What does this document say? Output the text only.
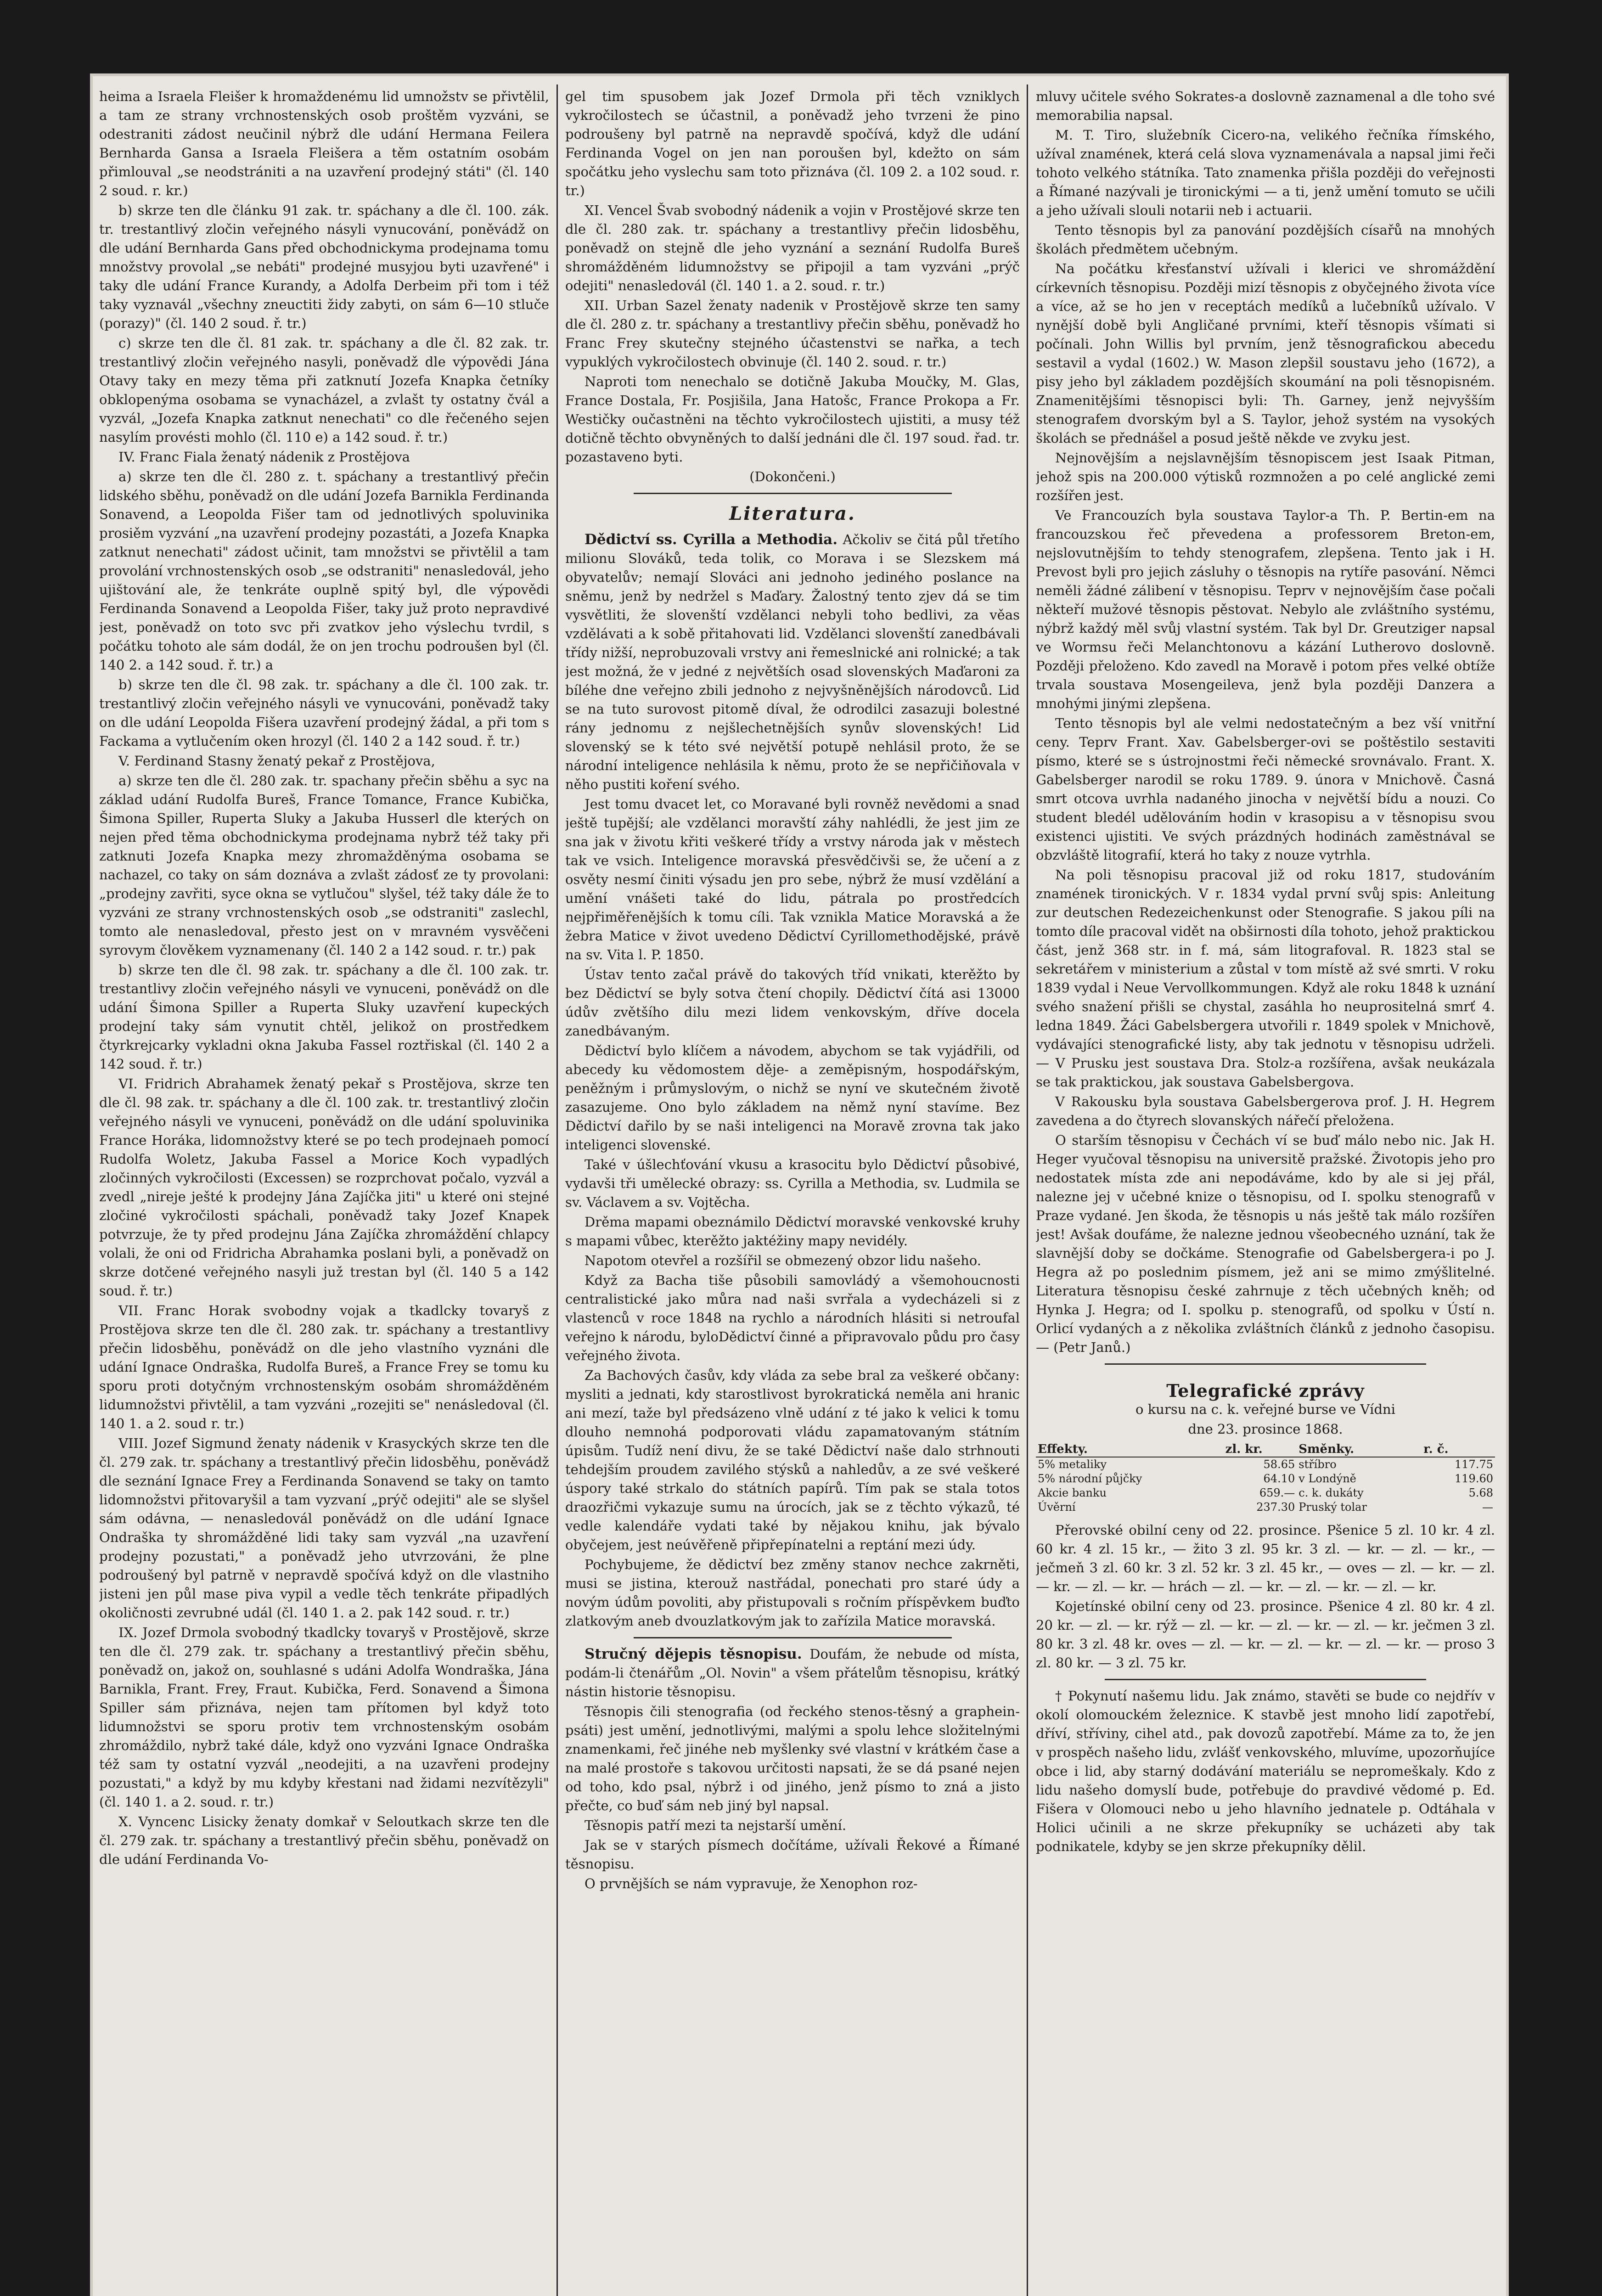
heima a Israela Fleišer k hromaždenému lid umnožstv se přivtělil, a tam ze strany vrchnostenských osob proštěm vyzváni, se odestraniti zádost neučinil nýbrž dle udání Hermana Feilera Bernharda Gansa a Israela Fleišera a těm ostatním osobám přimlouval „se neodstrániti a na uzavření prodejný státi" (čl. 140 2 soud. r. kr.)

b) skrze ten dle článku 91 zak. tr. spáchany a dle čl. 100. zák. tr. trestantlivý zločin veřejného násyli vynucování, poněvádž on dle udání Bernharda Gans před obchodnickyma prodejnama tomu množstvy provolal „se nebáti" prodejné musyjou byti uzavřené" i taky dle udání France Kurandy, a Adolfa Derbeim při tom i též taky vyznavál „všechny zneuctiti židy zabyti, on sám 6—10 stluče (porazy)" (čl. 140 2 soud. ř. tr.)

c) skrze ten dle čl. 81 zak. tr. spáchany a dle čl. 82 zak. tr. trestantlivý zločin veřejného nasyli, poněvadž dle výpovědi Jána Otavy taky en mezy těma při zatknutí Jozefa Knapka četníky obklopenýma osobama se vynacházel, a zvlašt ty ostatny čvál a vyzvál, „Jozefa Knapka zatknut nenechati" co dle řečeného sejen nasylím provésti mohlo (čl. 110 e) a 142 soud. ř. tr.)

IV. Franc Fiala ženatý nádenik z Prostějova

a) skrze ten dle čl. 280 z. t. spáchany a trestantlivý přečin lidského sběhu, poněvadž on dle udání Jozefa Barnikla Ferdinanda Sonavend, a Leopolda Fišer tam od jednotlivých spoluvinika prosiěm vyzvání „na uzavření prodejny pozastáti, a Jozefa Knapka zatknut nenechati" zádost učinit, tam množstvi se přivtělil a tam provolání vrchnostenských osob „se odstraniti" nenasledovál, jeho ujištování ale, že tenkráte ouplně spitý byl, dle výpovědi Ferdinanda Sonavend a Leopolda Fišer, taky juž proto nepravdivé jest, poněvadž on toto svc při zvatkov jeho výslechu tvrdil, s počátku tohoto ale sám dodál, že on jen trochu podroušen byl (čl. 140 2. a 142 soud. ř. tr.) a

b) skrze ten dle čl. 98 zak. tr. spáchany a dle čl. 100 zak. tr. trestantlivý zločin veřejného násyli ve vynucováni, poněvadž taky on dle udání Leopolda Fišera uzavření prodejný žádal, a při tom s Fackama a vytlučením oken hrozyl (čl. 140 2 a 142 soud. ř. tr.)

V. Ferdinand Stasny ženatý pekař z Prostějova,

a) skrze ten dle čl. 280 zak. tr. spachany přečin sběhu a syc na základ udání Rudolfa Bureš, France Tomance, France Kubička, Šimona Spiller, Ruperta Sluky a Jakuba Husserl dle kterých on nejen před těma obchodnickyma prodejnama nybrž též taky při zatknuti Jozefa Knapka mezy zhromažděnýma osobama se nachazel, co taky on sám doznáva a zvlašt zádosť ze ty provolani: „prodejny zavřiti, syce okna se vytlučou" slyšel, též taky dále že to vyzváni ze strany vrchnostenských osob „se odstraniti" zaslechl, tomto ale nenasledoval, přesto jest on v mravném vysvěčeni syrovym člověkem vyznamenany (čl. 140 2 a 142 soud. r. tr.) pak

b) skrze ten dle čl. 98 zak. tr. spáchany a dle čl. 100 zak. tr. trestantlivy zločin veřejného násyli ve vynuceni, poněvádž on dle udání Šimona Spiller a Ruperta Sluky uzavření kupeckých prodejní taky sám vynutit chtěl, jelikož on prostředkem čtyrkrejcarky vykladni okna Jakuba Fassel roztřiskal (čl. 140 2 a 142 soud. ř. tr.)

VI. Fridrich Abrahamek ženatý pekař s Prostějova, skrze ten dle čl. 98 zak. tr. spáchany a dle čl. 100 zak. tr. trestantlivý zločin veřejného násyli ve vynuceni, poněvádž on dle udání spoluvinika France Horáka, lidomnožstvy které se po tech prodejnaeh pomocí Rudolfa Woletz, Jakuba Fassel a Morice Koch vypadlých zločinných vykročilosti (Excessen) se rozprchovat počalo, vyzvál a zvedl „nireje ješté k prodejny Jána Zajíčka jiti" u které oni stejné zločiné vykročilosti spáchali, poněvadž taky Jozef Knapek potvrzuje, že ty před prodejnu Jána Zajíčka zhromáždění chlapcy volali, že oni od Fridricha Abrahamka poslani byli, a poněvadž on skrze dotčené veřejného nasyli juž trestan byl (čl. 140 5 a 142 soud. ř. tr.)

VII. Franc Horak svobodny vojak a tkadlcky tovaryš z Prostějova skrze ten dle čl. 280 zak. tr. spáchany a trestantlivy přečin lidosběhu, poněvádž on dle jeho vlastního vyznáni dle udání Ignace Ondraška, Rudolfa Bureš, a France Frey se tomu ku sporu proti dotyčným vrchnostenským osobám shromážděném lidumnožstvi přivtělil, a tam vyzváni „rozejiti se" nenásledoval (čl. 140 1. a 2. soud r. tr.)

VIII. Jozef Sigmund ženaty nádenik v Krasyckých skrze ten dle čl. 279 zak. tr. spáchany a trestantlivý přečin lidosběhu, poněvádž dle seznání Ignace Frey a Ferdinanda Sonavend se taky on tamto lidomnožstvi přitovaryšil a tam vyzvaní „prýč odejiti" ale se slyšel sám odávna, — nenasledovál poněvádž on dle udání Ignace Ondraška ty shromážděné lidi taky sam vyzvál „na uzavření prodejny pozustati," a poněvadž jeho utvrzováni, že plne podroušený byl patrně v nepravdě spočívá když on dle vlastniho jisteni jen půl mase piva vypil a vedle těch tenkráte připadlých okoličnosti zevrubné udál (čl. 140 1. a 2. pak 142 soud. r. tr.)

IX. Jozef Drmola svobodný tkadlcky tovaryš v Prostějově, skrze ten dle čl. 279 zak. tr. spáchany a trestantlivý přečin sběhu, poněvadž on, jakož on, souhlasné s udáni Adolfa Wondraška, Jána Barnikla, Frant. Frey, Fraut. Kubička, Ferd. Sonavend a Šimona Spiller sám přiznáva, nejen tam přítomen byl když toto lidumnožstvi se sporu protiv tem vrchnostenským osobám zhromáždilo, nybrž také dále, když ono vyzváni Ignace Ondraška též sam ty ostatní vyzvál „neodejiti, a na uzavřeni prodejny pozustati," a když by mu kdyby křestani nad židami nezvítězyli" (čl. 140 1. a 2. soud. r. tr.)

X. Vyncenc Lisicky ženaty domkař v Seloutkach skrze ten dle čl. 279 zak. tr. spáchany a trestantlivý přečin sběhu, poněvadž on dle udání Ferdinanda Vo-

gel tim spusobem jak Jozef Drmola při těch vzniklych vykročilostech se účastnil, a poněvadž jeho tvrzeni že pino podroušeny byl patrně na nepravdě spočívá, když dle udání Ferdinanda Vogel on jen nan poroušen byl, kdežto on sám spočátku jeho vyslechu sam toto přiznáva (čl. 109 2. a 102 soud. r. tr.)

XI. Vencel Švab svobodný nádenik a vojin v Prostějové skrze ten dle čl. 280 zak. tr. spáchany a trestantlivy přečin lidosběhu, poněvadž on stejně dle jeho vyznání a seznání Rudolfa Bureš shromážděném lidumnožstvy se připojil a tam vyzváni „prýč odejiti" nenasledovál (čl. 140 1. a 2. soud. r. tr.)

XII. Urban Sazel ženaty nadenik v Prostějově skrze ten samy dle čl. 280 z. tr. spáchany a trestantlivy přečin sběhu, poněvadž ho Franc Frey skutečny stejného účastenstvi se nařka, a tech vypuklých vykročilostech obvinuje (čl. 140 2. soud. r. tr.)

Naproti tom nenechalo se dotičně Jakuba Moučky, M. Glas, France Dostala, Fr. Posjišila, Jana Hatošc, France Prokopa a Fr. Westičky oučastněni na těchto vykročilostech ujistiti, a musy též dotičně těchto obvyněných to další jednáni dle čl. 197 soud. řad. tr. pozastaveno byti.

(Dokončeni.)

Literatura.

Dědictví ss. Cyrilla a Methodia. Ačkoliv se čitá půl třetího milionu Slováků, teda tolik, co Morava i se Slezskem má obyvatelův; nemají Slováci ani jednoho jediného poslance na sněmu, jenž by nedržel s Maďary. Žalostný tento zjev dá se tim vysvětliti, že slovenští vzdělanci nebyli toho bedlivi, za věas vzdělávati a k sobě přitahovati lid. Vzdělanci slovenští zanedbávali třídy nižší, neprobuzovali vrstvy ani řemeslnické ani rolnické; a tak jest možná, že v jedné z největších osad slovenských Maďaroni za bíléhe dne veřejno zbili jednoho z nejvyšněnějších národovců. Lid se na tuto surovost pitomě díval, že odrodilci zasazuji bolestné rány jednomu z nejšlechetnějších synův slovenských! Lid slovenský se k této své největší potupě nehlásil proto, že se národní inteligence nehlásila k němu, proto že se nepřičiňovala v něho pustiti koření svého.

Jest tomu dvacet let, co Moravané byli rovněž nevědomi a snad ještě tupější; ale vzdělanci moravští záhy nahlédli, že jest jim ze sna jak v životu křiti veškeré třídy a vrstvy národa jak v městech tak ve vsich. Inteligence moravská přesvědčivši se, že učení a z osvěty nesmí činiti výsadu jen pro sebe, nýbrž že musí vzdělání a umění vnášeti také do lidu, pátrala po prostředcích nejpřiměřenějších k tomu cíli. Tak vznikla Matice Moravská a že žebra Matice v život uvedeno Dědictví Cyrillomethodějské, právě na sv. Vita l. P. 1850.

Ústav tento začal právě do takových tříd vnikati, kterěžto by bez Dědictví se byly sotva čtení chopily. Dědictví čítá asi 13000 údův zvětšího dilu mezi lidem venkovským, dříve docela zanedbávaným.

Dědictví bylo klíčem a návodem, abychom se tak vyjádřili, od abecedy ku vědomostem děje- a zeměpisným, hospodářským, peněžným i průmyslovým, o nichž se nyní ve skutečném životě zasazujeme. Ono bylo základem na němž nyní stavíme. Bez Dědictví dařilo by se naši inteligenci na Moravě zrovna tak jako inteligenci slovenské.

Také v úšlechťování vkusu a krasocitu bylo Dědictví působivé, vydavši tři umělecké obrazy: ss. Cyrilla a Methodia, sv. Ludmila se sv. Václavem a sv. Vojtěcha.

Drěma mapami obeznámilo Dědictví moravské venkovské kruhy s mapami vůbec, kterěžto jaktéžiny mapy nevidély.

Napotom otevřel a rozšířil se obmezený obzor lidu našeho.

Když za Bacha tiše působili samovládý a všemohoucnosti centralistické jako můra nad naši svrřala a vydecházeli si z vlastenců v roce 1848 na rychlo a národních hlásiti si netroufal veřejno k národu, byloDědictví činné a připravovalo půdu pro časy veřejného života.

Za Bachových časův, kdy vláda za sebe bral za veškeré občany: mysliti a jednati, kdy starostlivost byrokratická neměla ani hranic ani mezí, taže byl předsázeno vlně udání z té jako k velici k tomu dlouho nemnohá podporovati vládu zapamatovaným státním úpisům. Tudíž není divu, že se také Dědictví naše dalo strhnouti tehdejším proudem zavilého stýsků a nahledův, a ze své veškeré úspory také strkalo do státních papírů. Tím pak se stala totos draozřičmi vykazuje sumu na úrocích, jak se z těchto výkazů, té vedle kalendáře vydati také by nějakou knihu, jak bývalo obyčejem, jest neúvěřeně připřepínatelni a reptání mezi údy.

Pochybujeme, že dědictví bez změny stanov nechce zakrněti, musi se jistina, kterouž nastřádal, ponechati pro staré údy a novým údům povoliti, aby přistupovali s ročním příspěvkem buďto zlatkovým aneb dvouzlatkovým jak to zařízila Matice moravská.

Stručný dějepis těsnopisu. Doufám, že nebude od místa, podám-li čtenářům „Ol. Novin" a všem přátelům těsnopisu, krátký nástin historie těsnopisu.

Těsnopis čili stenografia (od řeckého stenos-těsný a graphein-psáti) jest umění, jednotlivými, malými a spolu lehce složitelnými znamenkami, řeč jinéhe neb myšlenky své vlastní v krátkém čase a na malé prostoře s takovou určitosti napsati, že se dá psané nejen od toho, kdo psal, nýbrž i od jiného, jenž písmo to zná a jisto přečte, co buď sám neb jiný byl napsal.

Těsnopis patří mezi ta nejstarší umění.

Jak se v starých písmech dočítáme, užívali Řekové a Římané těsnopisu.

O prvnějších se nám vypravuje, že Xenophon roz-

mluvy učitele svého Sokrates-a doslovně zaznamenal a dle toho své memorabilia napsal.

M. T. Tiro, služebník Cicero-na, velikého řečníka římského, užíval znamének, která celá slova vyznamenávala a napsal jimi řeči tohoto velkého státníka. Tato znamenka přišla později do veřejnosti a Římané nazývali je tironickými — a ti, jenž umění tomuto se učili a jeho užívali slouli notarii neb i actuarii.

Tento těsnopis byl za panování pozdějších císařů na mnohých školách předmětem učebným.

Na počátku křesťanství užívali i klerici ve shromáždění církevních těsnopisu. Později mizí těsnopis z obyčejného života více a více, až se ho jen v receptách medíků a lučebníků užívalo. V nynější době byli Angličané prvními, kteří těsnopis všímati si počínali. John Willis byl prvním, jenž těsnografickou abecedu sestavil a vydal (1602.) W. Mason zlepšil soustavu jeho (1672), a pisy jeho byl základem pozdějších skoumání na poli těsnopisném. Znamenitějšími těsnopisci byli: Th. Garney, jenž nejvyšším stenografem dvorským byl a S. Taylor, jehož systém na vysokých školách se přednášel a posud ještě někde ve zvyku jest.

Nejnovějším a nejslavnějším těsnopiscem jest Isaak Pitman, jehož spis na 200.000 výtisků rozmnožen a po celé anglické zemi rozšířen jest.

Ve Francouzích byla soustava Taylor-a Th. P. Bertin-em na francouzskou řeč převedena a professorem Breton-em, nejslovutnějším to tehdy stenografem, zlepšena. Tento jak i H. Prevost byli pro jejich zásluhy o těsnopis na rytíře pasování. Němci neměli žádné zálibení v těsnopisu. Teprv v nejnovějším čase počali někteří mužové těsnopis pěstovat. Nebylo ale zvláštního systému, nýbrž každý měl svůj vlastní systém. Tak byl Dr. Greutziger napsal ve Wormsu řeči Melanchtonovu a kázání Lutherovo doslovně. Později přeloženo. Kdo zavedl na Moravě i potom přes velké obtíže trvala soustava Mosengeileva, jenž byla později Danzera a mnohými jinými zlepšena.

Tento těsnopis byl ale velmi nedostatečným a bez vší vnitřní ceny. Teprv Frant. Xav. Gabelsberger-ovi se poštěstilo sestaviti písmo, které se s ústrojnostmi řeči německé srovnávalo. Frant. X. Gabelsberger narodil se roku 1789. 9. února v Mnichově. Časná smrt otcova uvrhla nadaného jinocha v největší bídu a nouzi. Co student bledél udělováním hodin v krasopisu a v těsnopisu svou existenci ujistiti. Ve svých prázdných hodinách zaměstnával se obzvláště litografií, která ho taky z nouze vytrhla.

Na poli těsnopisu pracoval již od roku 1817, studováním znamének tironických. V r. 1834 vydal první svůj spis: Anleitung zur deutschen Redezeichenkunst oder Stenografie. S jakou píli na tomto díle pracoval vidět na obširnosti díla tohoto, jehož praktickou část, jenž 368 str. in f. má, sám litografoval. R. 1823 stal se sekretářem v ministerium a zůstal v tom místě až své smrti. V roku 1839 vydal i Neue Vervollkommungen. Když ale roku 1848 k uznání svého snažení přišli se chystal, zasáhla ho neuprositelná smrť 4. ledna 1849. Žáci Gabelsbergera utvořili r. 1849 spolek v Mnichově, vydávajíci stenografické listy, aby tak jednotu v těsnopisu udrželi. — V Prusku jest soustava Dra. Stolz-a rozšířena, avšak neukázala se tak praktickou, jak soustava Gabelsbergova.

V Rakousku byla soustava Gabelsbergerova prof. J. H. Hegrem zavedena a do čtyrech slovanských nářečí přeložena.

O starším těsnopisu v Čechách ví se buď málo nebo nic. Jak H. Heger vyučoval těsnopisu na universitě pražské. Životopis jeho pro nedostatek místa zde ani nepodáváme, kdo by ale si jej přál, nalezne jej v učebné knize o těsnopisu, od I. spolku stenografů v Praze vydané. Jen škoda, že těsnopis u nás ještě tak málo rozšířen jest! Avšak doufáme, že nalezne jednou všeobecného uznání, tak že slavnější doby se dočkáme. Stenografie od Gabelsbergera-i po J. Hegra až po poslednim písmem, jež ani se mimo zmýšlitelné. Literatura těsnopisu české zahrnuje z těch učebných kněh; od Hynka J. Hegra; od I. spolku p. stenografů, od spolku v Ústí n. Orlicí vydaných a z několika zvláštních článků z jednoho časopisu. — (Petr Janů.)

Telegrafické zprávy

o kursu na c. k. veřejné burse ve Vídni

dne 23. prosince 1868.

Effekty.	zl. kr.	Směnky.	r. č.
5% metaliky	58.65	stříbro	117.75
5% národní půjčky	64.10	v Londýně	119.60
Akcie banku	659.—	c. k. dukáty	5.68
Úvěrní	237.30	Pruský tolar	—

Přerovské obilní ceny od 22. prosince. Pšenice 5 zl. 10 kr. 4 zl. 60 kr. 4 zl. 15 kr., — žito 3 zl. 95 kr. 3 zl. — kr. — zl. — kr., — ječmeň 3 zl. 60 kr. 3 zl. 52 kr. 3 zl. 45 kr., — oves — zl. — kr. — zl. — kr. — zl. — kr. — hrách — zl. — kr. — zl. — kr. — zl. — kr.

Kojetínské obilní ceny od 23. prosince. Pšenice 4 zl. 80 kr. 4 zl. 20 kr. — zl. — kr. rýž — zl. — kr. — zl. — kr. — zl. — kr. ječmen 3 zl. 80 kr. 3 zl. 48 kr. oves — zl. — kr. — zl. — kr. — zl. — kr. — proso 3 zl. 80 kr. — 3 zl. 75 kr.

† Pokynutí našemu lidu. Jak známo, stavěti se bude co nejdřív v okolí olomouckém železnice. K stavbě jest mnoho lidí zapotřebí, dříví, stříviny, cihel atd., pak dovozů zapotřebí. Máme za to, že jen v prospěch našeho lidu, zvlášť venkovského, mluvíme, upozorňujíce obce i lid, aby starný dodávání materiálu se nepromeškaly. Kdo z lidu našeho domyslí bude, potřebuje do pravdivé vědomé p. Ed. Fišera v Olomouci nebo u jeho hlavního jednatele p. Odtáhala v Holici učinili a ne skrze překupníky se ucházeti aby tak podnikatele, kdyby se jen skrze překupníky dělil.
